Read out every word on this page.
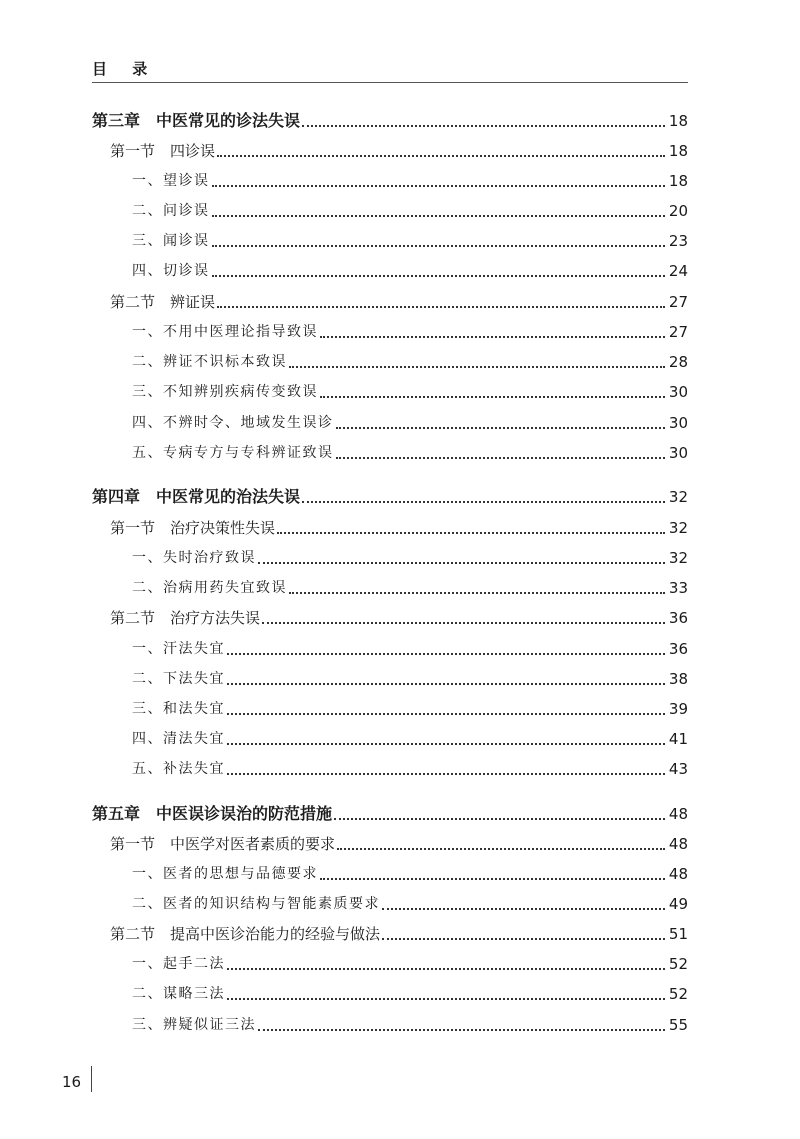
目 录
第三章　中医常见的诊法失误	18
第一节　四诊误	18
一、望诊误	18
二、问诊误	20
三、闻诊误	23
四、切诊误	24
第二节　辨证误	27
一、不用中医理论指导致误	27
二、辨证不识标本致误	28
三、不知辨别疾病传变致误	30
四、不辨时令、地域发生误诊	30
五、专病专方与专科辨证致误	30
第四章　中医常见的治法失误	32
第一节　治疗决策性失误	32
一、失时治疗致误	32
二、治病用药失宜致误	33
第二节　治疗方法失误	36
一、汗法失宜	36
二、下法失宜	38
三、和法失宜	39
四、清法失宜	41
五、补法失宜	43
第五章　中医误诊误治的防范措施	48
第一节　中医学对医者素质的要求	48
一、医者的思想与品德要求	48
二、医者的知识结构与智能素质要求	49
第二节　提高中医诊治能力的经验与做法	51
一、起手二法	52
二、谋略三法	52
三、辨疑似证三法	55
16
